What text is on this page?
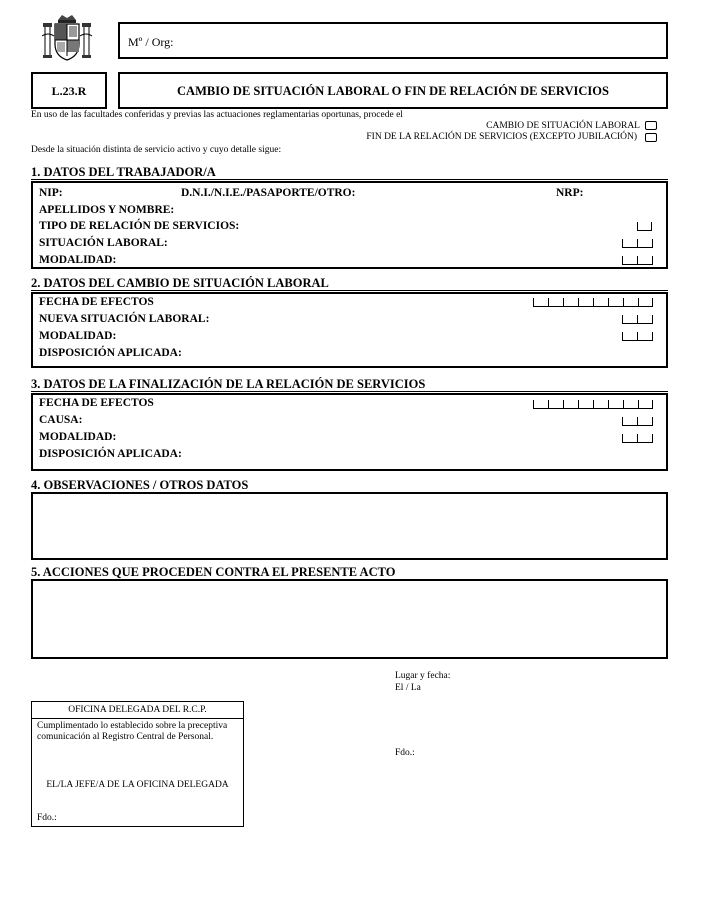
Mº / Org:
L.23.R	CAMBIO DE SITUACIÓN LABORAL O FIN DE RELACIÓN DE SERVICIOS
En uso de las facultades conferidas y previas las actuaciones reglamentarias oportunas, procede el
CAMBIO DE SITUACIÓN LABORAL
FIN DE LA RELACIÓN DE SERVICIOS (EXCEPTO JUBILACIÓN)
Desde la situación distinta de servicio activo y cuyo detalle sigue:
1. DATOS DEL TRABAJADOR/A
NIP:	D.N.I./N.I.E./PASAPORTE/OTRO:	NRP:
APELLIDOS Y NOMBRE:
TIPO DE RELACIÓN DE SERVICIOS:
SITUACIÓN LABORAL:
MODALIDAD:
2. DATOS DEL CAMBIO DE SITUACIÓN LABORAL
FECHA DE EFECTOS
NUEVA SITUACIÓN LABORAL:
MODALIDAD:
DISPOSICIÓN APLICADA:
3. DATOS DE LA FINALIZACIÓN DE LA RELACIÓN DE SERVICIOS
FECHA DE EFECTOS
CAUSA:
MODALIDAD:
DISPOSICIÓN APLICADA:
4. OBSERVACIONES / OTROS DATOS
5. ACCIONES QUE PROCEDEN CONTRA EL PRESENTE ACTO
Lugar y fecha:
El / La
Fdo.:
OFICINA DELEGADA DEL R.C.P.
Cumplimentado lo establecido sobre la preceptiva comunicación al Registro Central de Personal.
EL/LA JEFE/A DE LA OFICINA DELEGADA
Fdo.:
